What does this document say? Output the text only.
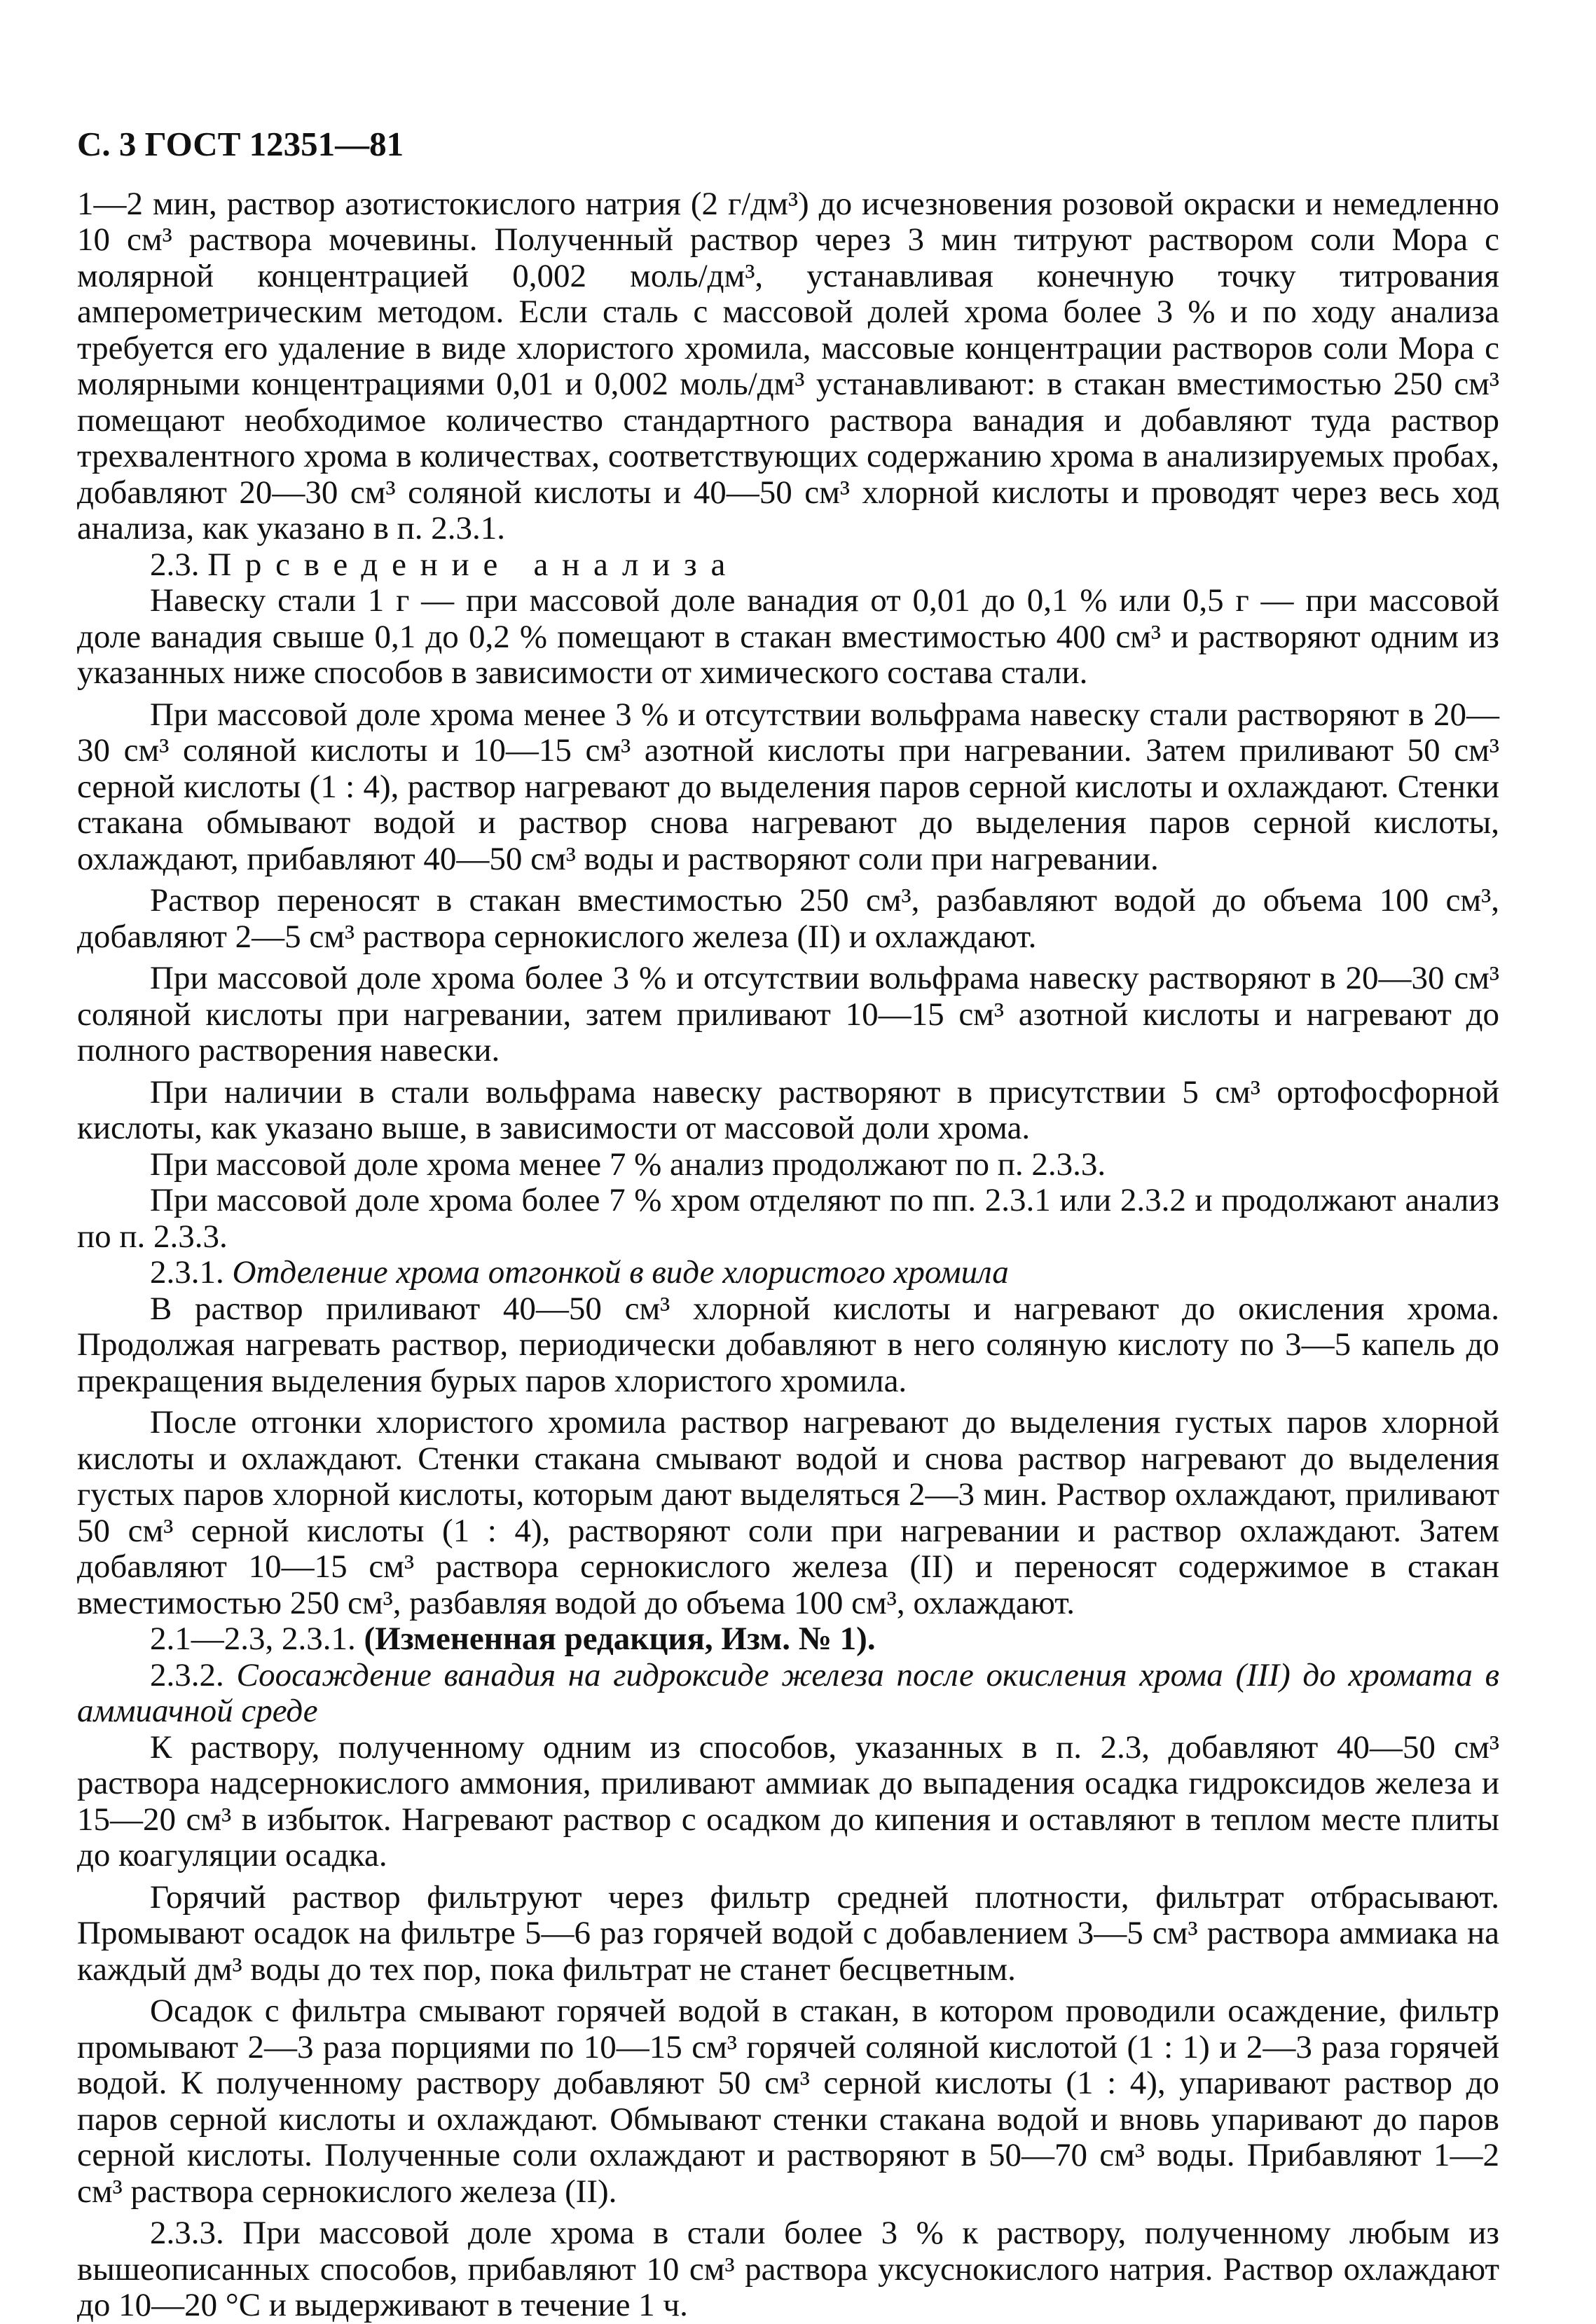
С. 3 ГОСТ 12351—81

1—2 мин, раствор азотистокислого натрия (2 г/дм³) до исчезновения розовой окраски и немедленно 10 см³ раствора мочевины. Полученный раствор через 3 мин титруют раствором соли Мора с молярной концентрацией 0,002 моль/дм³, устанавливая конечную точку титрования амперометрическим методом. Если сталь с массовой долей хрома более 3 % и по ходу анализа требуется его удаление в виде хлористого хромила, массовые концентрации растворов соли Мора с молярными концентрациями 0,01 и 0,002 моль/дм³ устанавливают: в стакан вместимостью 250 см³ помещают необходимое количество стандартного раствора ванадия и добавляют туда раствор трехвалентного хрома в количествах, соответствующих содержанию хрома в анализируемых пробах, добавляют 20—30 см³ соляной кислоты и 40—50 см³ хлорной кислоты и проводят через весь ход анализа, как указано в п. 2.3.1.

2.3. Прсведение анализа

Навеску стали 1 г — при массовой доле ванадия от 0,01 до 0,1 % или 0,5 г — при массовой доле ванадия свыше 0,1 до 0,2 % помещают в стакан вместимостью 400 см³ и растворяют одним из указанных ниже способов в зависимости от химического состава стали.

При массовой доле хрома менее 3 % и отсутствии вольфрама навеску стали растворяют в 20—30 см³ соляной кислоты и 10—15 см³ азотной кислоты при нагревании. Затем приливают 50 см³ серной кислоты (1 : 4), раствор нагревают до выделения паров серной кислоты и охлаждают. Стенки стакана обмывают водой и раствор снова нагревают до выделения паров серной кислоты, охлаждают, прибавляют 40—50 см³ воды и растворяют соли при нагревании.

Раствор переносят в стакан вместимостью 250 см³, разбавляют водой до объема 100 см³, добавляют 2—5 см³ раствора сернокислого железа (II) и охлаждают.

При массовой доле хрома более 3 % и отсутствии вольфрама навеску растворяют в 20—30 см³ соляной кислоты при нагревании, затем приливают 10—15 см³ азотной кислоты и нагревают до полного растворения навески.

При наличии в стали вольфрама навеску растворяют в присутствии 5 см³ ортофосфорной кислоты, как указано выше, в зависимости от массовой доли хрома.

При массовой доле хрома менее 7 % анализ продолжают по п. 2.3.3.

При массовой доле хрома более 7 % хром отделяют по пп. 2.3.1 или 2.3.2 и продолжают анализ по п. 2.3.3.

2.3.1. Отделение хрома отгонкой в виде хлористого хромила

В раствор приливают 40—50 см³ хлорной кислоты и нагревают до окисления хрома. Продолжая нагревать раствор, периодически добавляют в него соляную кислоту по 3—5 капель до прекращения выделения бурых паров хлористого хромила.

После отгонки хлористого хромила раствор нагревают до выделения густых паров хлорной кислоты и охлаждают. Стенки стакана смывают водой и снова раствор нагревают до выделения густых паров хлорной кислоты, которым дают выделяться 2—3 мин. Раствор охлаждают, приливают 50 см³ серной кислоты (1 : 4), растворяют соли при нагревании и раствор охлаждают. Затем добавляют 10—15 см³ раствора сернокислого железа (II) и переносят содержимое в стакан вместимостью 250 см³, разбавляя водой до объема 100 см³, охлаждают.

2.1—2.3, 2.3.1. (Измененная редакция, Изм. № 1).

2.3.2. Соосаждение ванадия на гидроксиде железа после окисления хрома (III) до хромата в аммиачной среде

К раствору, полученному одним из способов, указанных в п. 2.3, добавляют 40—50 см³ раствора надсернокислого аммония, приливают аммиак до выпадения осадка гидроксидов железа и 15—20 см³ в избыток. Нагревают раствор с осадком до кипения и оставляют в теплом месте плиты до коагуляции осадка.

Горячий раствор фильтруют через фильтр средней плотности, фильтрат отбрасывают. Промывают осадок на фильтре 5—6 раз горячей водой с добавлением 3—5 см³ раствора аммиака на каждый дм³ воды до тех пор, пока фильтрат не станет бесцветным.

Осадок с фильтра смывают горячей водой в стакан, в котором проводили осаждение, фильтр промывают 2—3 раза порциями по 10—15 см³ горячей соляной кислотой (1 : 1) и 2—3 раза горячей водой. К полученному раствору добавляют 50 см³ серной кислоты (1 : 4), упаривают раствор до паров серной кислоты и охлаждают. Обмывают стенки стакана водой и вновь упаривают до паров серной кислоты. Полученные соли охлаждают и растворяют в 50—70 см³ воды. Прибавляют 1—2 см³ раствора сернокислого железа (II).

2.3.3. При массовой доле хрома в стали более 3 % к раствору, полученному любым из вышеописанных способов, прибавляют 10 см³ раствора уксуснокислого натрия. Раствор охлаждают до 10—20 °С и выдерживают в течение 1 ч.
